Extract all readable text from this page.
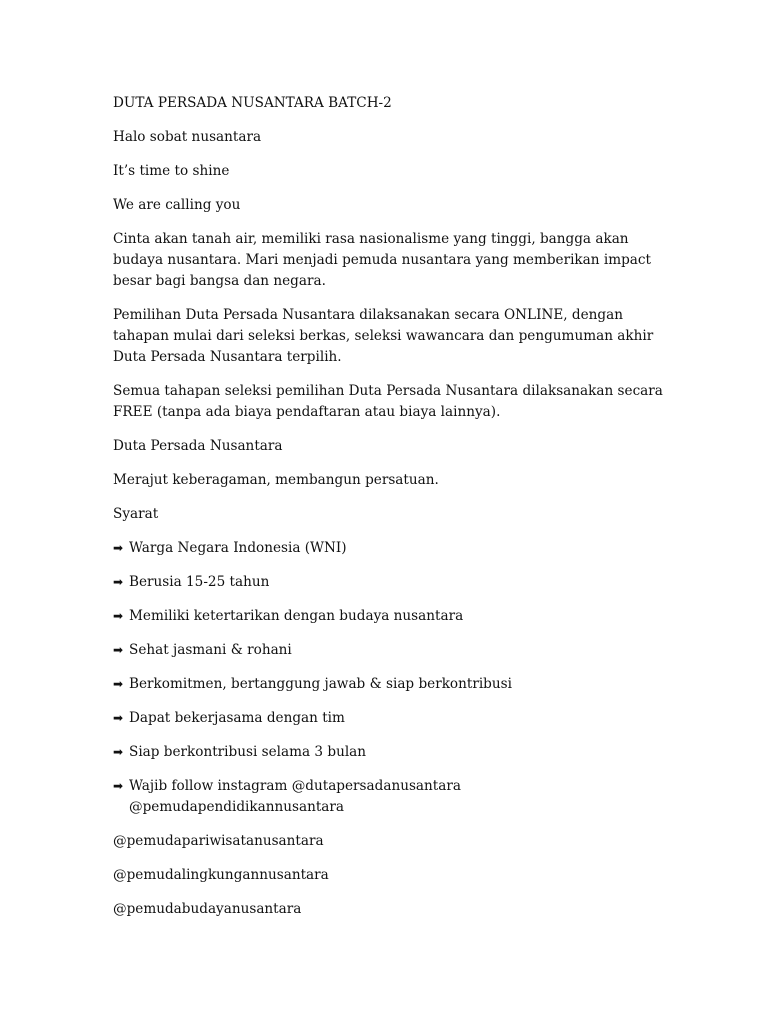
DUTA PERSADA NUSANTARA BATCH-2

Halo sobat nusantara

It’s time to shine

We are calling you

Cinta akan tanah air, memiliki rasa nasionalisme yang tinggi, bangga akan budaya nusantara. Mari menjadi pemuda nusantara yang memberikan impact besar bagi bangsa dan negara.

Pemilihan Duta Persada Nusantara dilaksanakan secara ONLINE, dengan tahapan mulai dari seleksi berkas, seleksi wawancara dan pengumuman akhir Duta Persada Nusantara terpilih.

Semua tahapan seleksi pemilihan Duta Persada Nusantara dilaksanakan secara FREE (tanpa ada biaya pendaftaran atau biaya lainnya).

Duta Persada Nusantara

Merajut keberagaman, membangun persatuan.

Syarat

➡ Warga Negara Indonesia (WNI)

➡ Berusia 15-25 tahun

➡ Memiliki ketertarikan dengan budaya nusantara

➡ Sehat jasmani & rohani

➡ Berkomitmen, bertanggung jawab & siap berkontribusi

➡ Dapat bekerjasama dengan tim

➡ Siap berkontribusi selama 3 bulan

➡ Wajib follow instagram @dutapersadanusantara @pemudapendidikannusantara

@pemudapariwisatanusantara

@pemudalingkungannusantara

@pemudabudayanusantara
